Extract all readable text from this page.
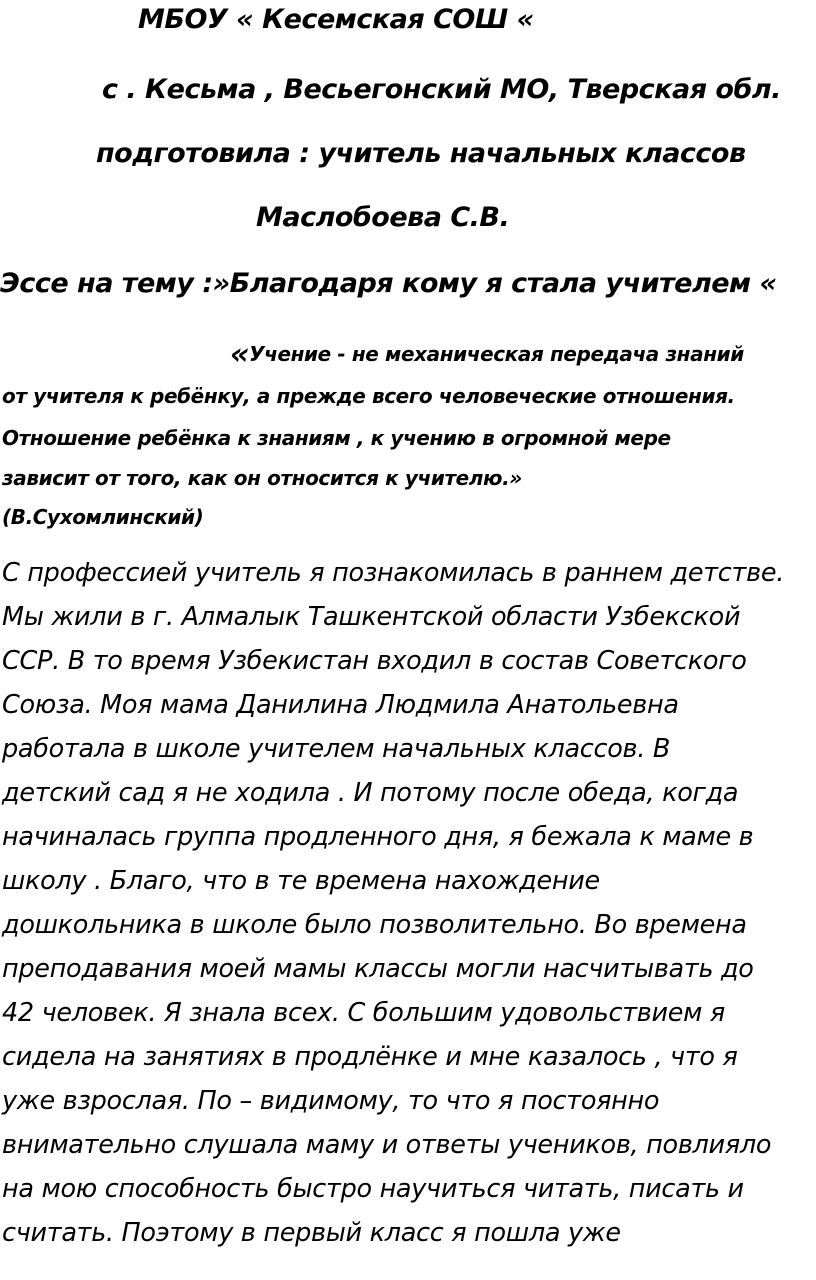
МБОУ « Кесемская СОШ «
с . Кесьма , Весьегонский МО, Тверская обл.
подготовила : учитель начальных классов
Маслобоева С.В.
Эссе на тему :»Благодаря кому я стала учителем «
«Учение - не механическая передача знаний
от учителя к ребёнку, а прежде всего человеческие отношения.
Отношение ребёнка к знаниям , к учению в огромной мере
зависит от того, как он относится к учителю.»
(В.Сухомлинский)
С профессией учитель я познакомилась в раннем детстве.
Мы жили в г. Алмалык Ташкентской области Узбекской
ССР. В то время Узбекистан входил в состав Советского
Союза. Моя мама Данилина Людмила Анатольевна
работала в школе учителем начальных классов. В
детский сад я не ходила . И потому после обеда, когда
начиналась группа продленного дня, я бежала к маме в
школу . Благо, что в те времена нахождение
дошкольника в школе было позволительно. Во времена
преподавания моей мамы классы могли насчитывать до
42 человек. Я знала всех. С большим удовольствием я
сидела на занятиях в продлёнке и мне казалось , что я
уже взрослая. По – видимому, то что я постоянно
внимательно слушала маму и ответы учеников, повлияло
на мою способность быстро научиться читать, писать и
считать. Поэтому в первый класс я пошла уже
